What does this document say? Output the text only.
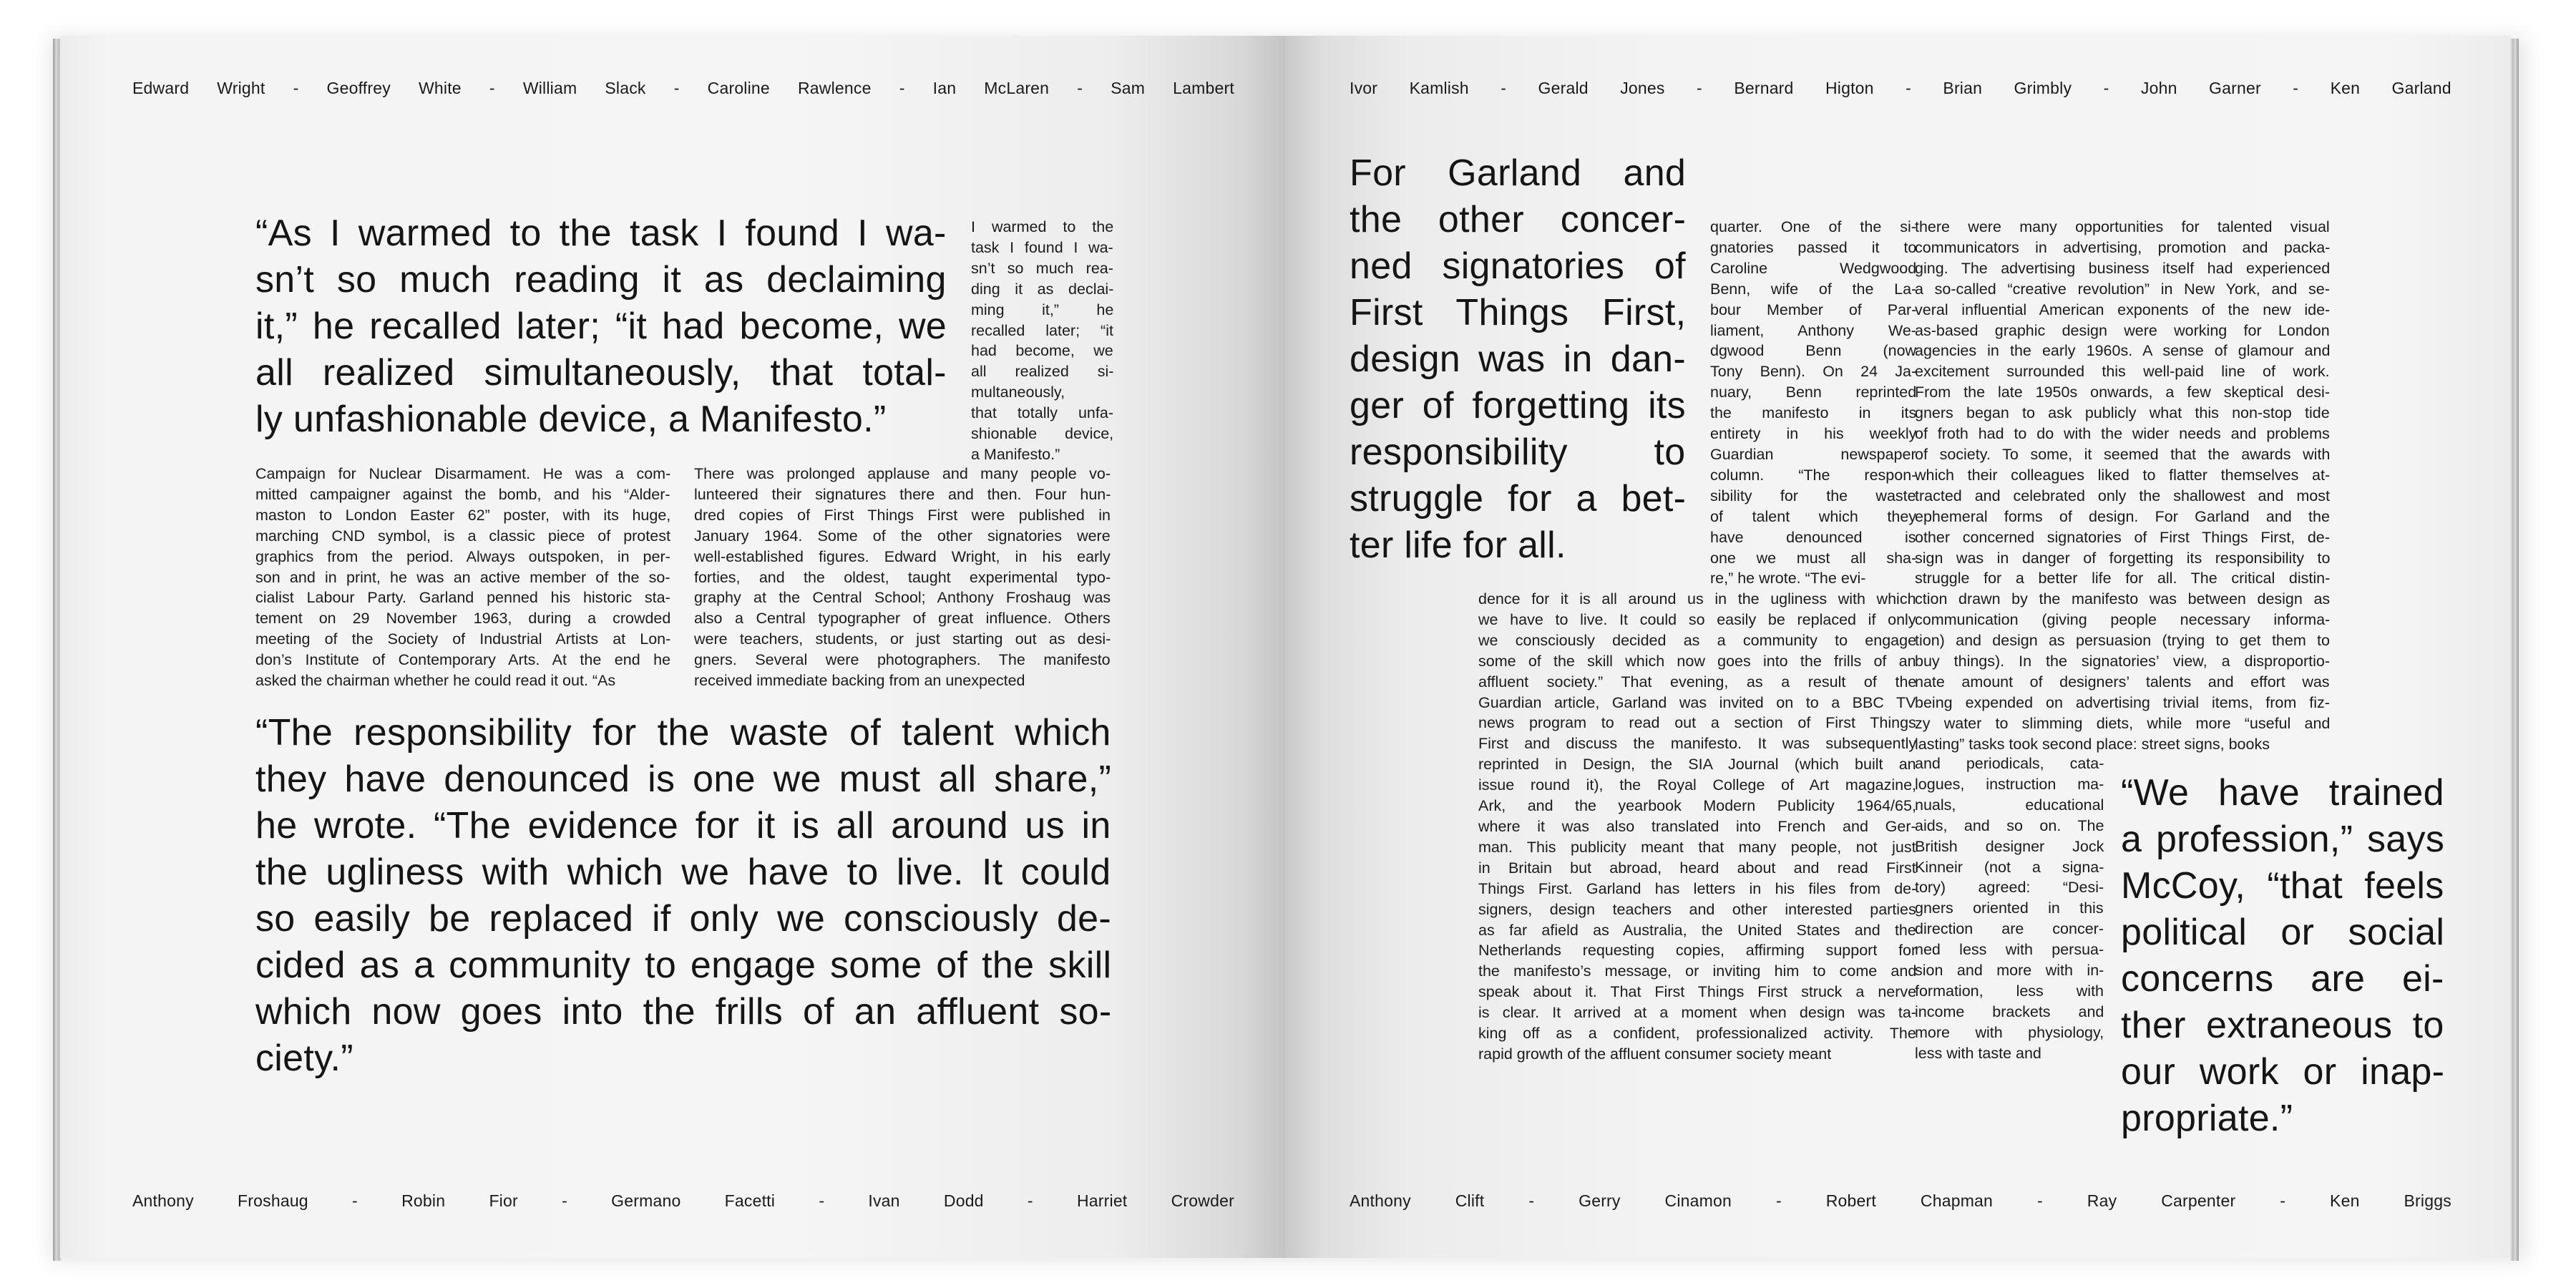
Edward Wright - Geoffrey White - William Slack - Caroline Rawlence - Ian McLaren - Sam Lambert
“As I warmed to the task I found I wa-
sn’t so much reading it as declaiming
it,” he recalled later; “it had become, we
all realized simultaneously, that total-
ly unfashionable device, a Manifesto.”
I warmed to the
task I found I wa-
sn’t so much rea-
ding it as declai-
ming it,” he
recalled later; “it
had become, we
all realized si-
multaneously,
that totally unfa-
shionable device,
a Manifesto.”
Campaign for Nuclear Disarmament. He was a com-
mitted campaigner against the bomb, and his “Alder-
maston to London Easter 62” poster, with its huge,
marching CND symbol, is a classic piece of protest
graphics from the period. Always outspoken, in per-
son and in print, he was an active member of the so-
cialist Labour Party. Garland penned his historic sta-
tement on 29 November 1963, during a crowded
meeting of the Society of Industrial Artists at Lon-
don’s Institute of Contemporary Arts. At the end he
asked the chairman whether he could read it out. “As
There was prolonged applause and many people vo-
lunteered their signatures there and then. Four hun-
dred copies of First Things First were published in
January 1964. Some of the other signatories were
well-established figures. Edward Wright, in his early
forties, and the oldest, taught experimental typo-
graphy at the Central School; Anthony Froshaug was
also a Central typographer of great influence. Others
were teachers, students, or just starting out as desi-
gners. Several were photographers. The manifesto
received immediate backing from an unexpected
“The responsibility for the waste of talent which
they have denounced is one we must all share,”
he wrote. “The evidence for it is all around us in
the ugliness with which we have to live. It could
so easily be replaced if only we consciously de-
cided as a community to engage some of the skill
which now goes into the frills of an affluent so-
ciety.”
Anthony	Froshaug	-	Robin	Fior	-	Germano	Facetti	-	Ivan	Dodd	-	Harriet	Crowder
Ivor Kamlish - Gerald Jones - Bernard Higton - Brian Grimbly - John Garner - Ken Garland
For Garland and
the other concer-
ned signatories of
First Things First,
design was in dan-
ger of forgetting its
responsibility to
struggle for a bet-
ter life for all.
quarter. One of the si-
gnatories passed it to
Caroline Wedgwood
Benn, wife of the La-
bour Member of Par-
liament, Anthony We-
dgwood Benn (now
Tony Benn). On 24 Ja-
nuary, Benn reprinted
the manifesto in its
entirety in his weekly
Guardian newspaper
column. “The respon-
sibility for the waste
of talent which they
have denounced is
one we must all sha-
re,” he wrote. “The evi-
dence for it is all around us in the ugliness with which
we have to live. It could so easily be replaced if only
we consciously decided as a community to engage
some of the skill which now goes into the frills of an
affluent society.” That evening, as a result of the
Guardian article, Garland was invited on to a BBC TV
news program to read out a section of First Things
First and discuss the manifesto. It was subsequently
reprinted in Design, the SIA Journal (which built an
issue round it), the Royal College of Art magazine,
Ark, and the yearbook Modern Publicity 1964/65,
where it was also translated into French and Ger-
man. This publicity meant that many people, not just
in Britain but abroad, heard about and read First
Things First. Garland has letters in his files from de-
signers, design teachers and other interested parties
as far afield as Australia, the United States and the
Netherlands requesting copies, affirming support for
the manifesto’s message, or inviting him to come and
speak about it. That First Things First struck a nerve
is clear. It arrived at a moment when design was ta-
king off as a confident, professionalized activity. The
rapid growth of the affluent consumer society meant
there were many opportunities for talented visual
communicators in advertising, promotion and packa-
ging. The advertising business itself had experienced
a so-called “creative revolution” in New York, and se-
veral influential American exponents of the new ide-
as-based graphic design were working for London
agencies in the early 1960s. A sense of glamour and
excitement surrounded this well-paid line of work.
From the late 1950s onwards, a few skeptical desi-
gners began to ask publicly what this non-stop tide
of froth had to do with the wider needs and problems
of society. To some, it seemed that the awards with
which their colleagues liked to flatter themselves at-
tracted and celebrated only the shallowest and most
ephemeral forms of design. For Garland and the
other concerned signatories of First Things First, de-
sign was in danger of forgetting its responsibility to
struggle for a better life for all. The critical distin-
ction drawn by the manifesto was between design as
communication (giving people necessary informa-
tion) and design as persuasion (trying to get them to
buy things). In the signatories’ view, a disproportio-
nate amount of designers’ talents and effort was
being expended on advertising trivial items, from fiz-
zy water to slimming diets, while more “useful and
lasting” tasks took second place: street signs, books
and periodicals, cata-
logues, instruction ma-
nuals, educational
aids, and so on. The
British designer Jock
Kinneir (not a signa-
tory) agreed: “Desi-
gners oriented in this
direction are concer-
ned less with persua-
sion and more with in-
formation, less with
income brackets and
more with physiology,
less with taste and
“We have trained
a profession,” says
McCoy, “that feels
political or social
concerns are ei-
ther extraneous to
our work or inap-
propriate.”
Anthony	Clift	-	Gerry	Cinamon	-	Robert	Chapman	-	Ray	Carpenter	-	Ken	Briggs
